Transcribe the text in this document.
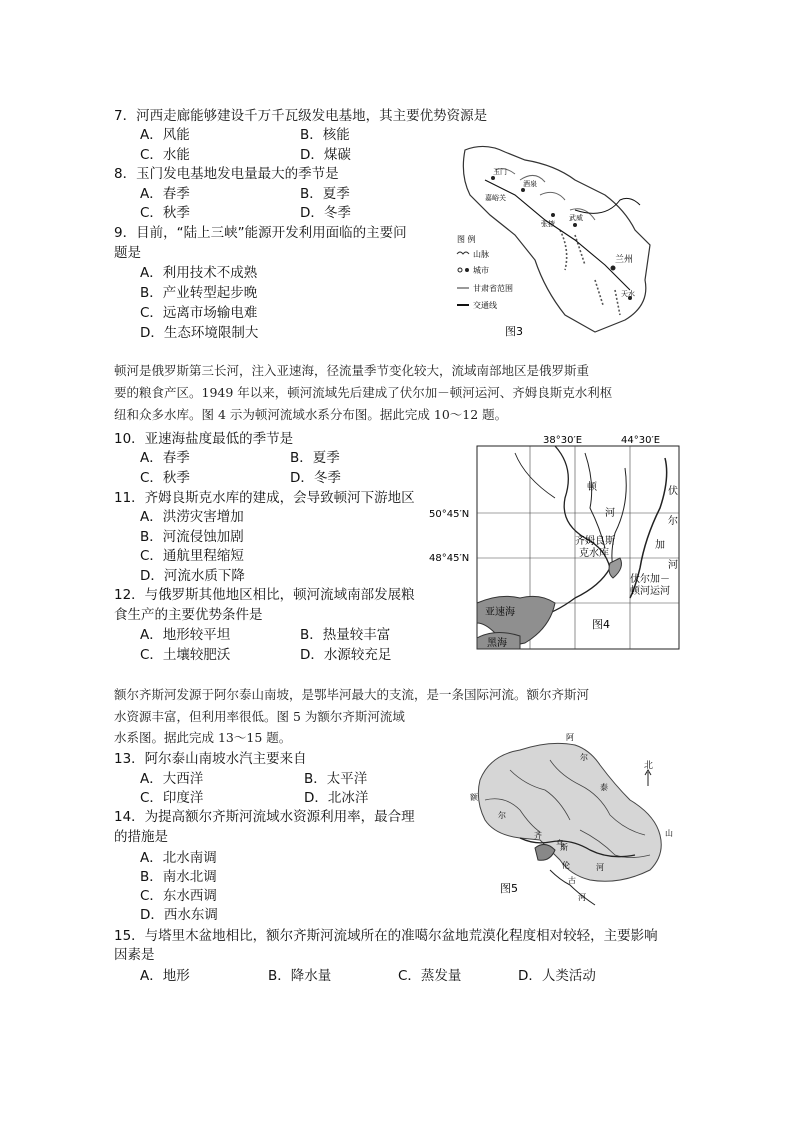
7．河西走廊能够建设千万千瓦级发电基地，其主要优势资源是
A．风能	B．核能
C．水能	D．煤碳
8．玉门发电基地发电量最大的季节是
A．春季	B．夏季
C．秋季	D．冬季
9．目前，“陆上三峡”能源开发利用面临的主要问
题是
A．利用技术不成熟
B．产业转型起步晚
C．远离市场输电难
D．生态环境限制大
玉门
酒泉
嘉峪关
张掖
武威
兰州
天水
图 例
山脉
城市
甘肃省范围
交通线
图3
顿河是俄罗斯第三长河，注入亚速海，径流量季节变化较大，流域南部地区是俄罗斯重
要的粮食产区。1949 年以来，顿河流域先后建成了伏尔加－顿河运河、齐姆良斯克水利枢
纽和众多水库。图 4 示为顿河流域水系分布图。据此完成 10～12 题。
10．亚速海盐度最低的季节是
A．春季	B．夏季
C．秋季	D．冬季
11．齐姆良斯克水库的建成，会导致顿河下游地区
A．洪涝灾害增加
B．河流侵蚀加剧
C．通航里程缩短
D．河流水质下降
12．与俄罗斯其他地区相比，顿河流域南部发展粮
食生产的主要优势条件是
A．地形较平坦	B．热量较丰富
C．土壤较肥沃	D．水源较充足
38°30′E	44°30′E
50°45′N
48°45′N
顿
河
齐姆良斯
克水库
伏尔加－
顿河运河
伏
尔
加
河
亚速海
黑海
图4
额尔齐斯河发源于阿尔泰山南坡，是鄂毕河最大的支流，是一条国际河流。额尔齐斯河
水资源丰富，但利用率很低。图 5 为额尔齐斯河流域
水系图。据此完成 13～15 题。
13．阿尔泰山南坡水汽主要来自
A．大西洋	B．太平洋
C．印度洋	D．北冰洋
14．为提高额尔齐斯河流域水资源利用率，最合理
的措施是
A．北水南调
B．南水北调
C．东水西调
D．西水东调
北
阿
尔
泰
山
额
尔
齐
斯
河
乌
伦
古
河
图5
15．与塔里木盆地相比，额尔齐斯河流域所在的准噶尔盆地荒漠化程度相对较轻，主要影响
因素是
A．地形	B．降水量	C．蒸发量	D．人类活动
